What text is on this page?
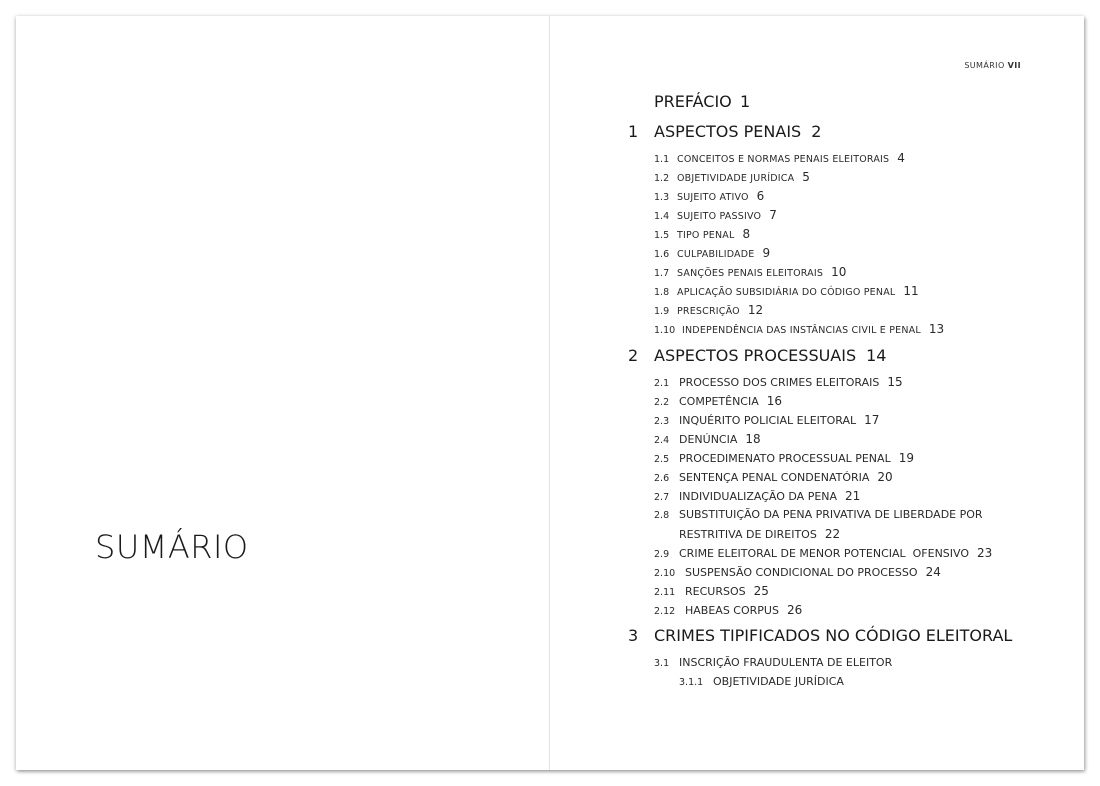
SUMÁRIO
SUMÁRIO VII
PREFÁCIO 1
1 ASPECTOS PENAIS 2
1.1 CONCEITOS E NORMAS PENAIS ELEITORAIS 4
1.2 OBJETIVIDADE JURÍDICA 5
1.3 SUJEITO ATIVO 6
1.4 SUJEITO PASSIVO 7
1.5 TIPO PENAL 8
1.6 CULPABILIDADE 9
1.7 SANÇÕES PENAIS ELEITORAIS 10
1.8 APLICAÇÃO SUBSIDIÁRIA DO CÓDIGO PENAL 11
1.9 PRESCRIÇÃO 12
1.10 INDEPENDÊNCIA DAS INSTÂNCIAS CIVIL E PENAL 13
2 ASPECTOS PROCESSUAIS 14
2.1 PROCESSO DOS CRIMES ELEITORAIS 15
2.2 COMPETÊNCIA 16
2.3 INQUÉRITO POLICIAL ELEITORAL 17
2.4 DENÚNCIA 18
2.5 PROCEDIMENATO PROCESSUAL PENAL 19
2.6 SENTENÇA PENAL CONDENATÓRIA 20
2.7 INDIVIDUALIZAÇÃO DA PENA 21
2.8 SUBSTITUIÇÃO DA PENA PRIVATIVA DE LIBERDADE POR
RESTRITIVA DE DIREITOS 22
2.9 CRIME ELEITORAL DE MENOR POTENCIAL  OFENSIVO 23
2.10 SUSPENSÃO CONDICIONAL DO PROCESSO 24
2.11 RECURSOS 25
2.12 HABEAS CORPUS 26
3 CRIMES TIPIFICADOS NO CÓDIGO ELEITORAL
3.1 INSCRIÇÃO FRAUDULENTA DE ELEITOR
3.1.1 OBJETIVIDADE JURÍDICA
